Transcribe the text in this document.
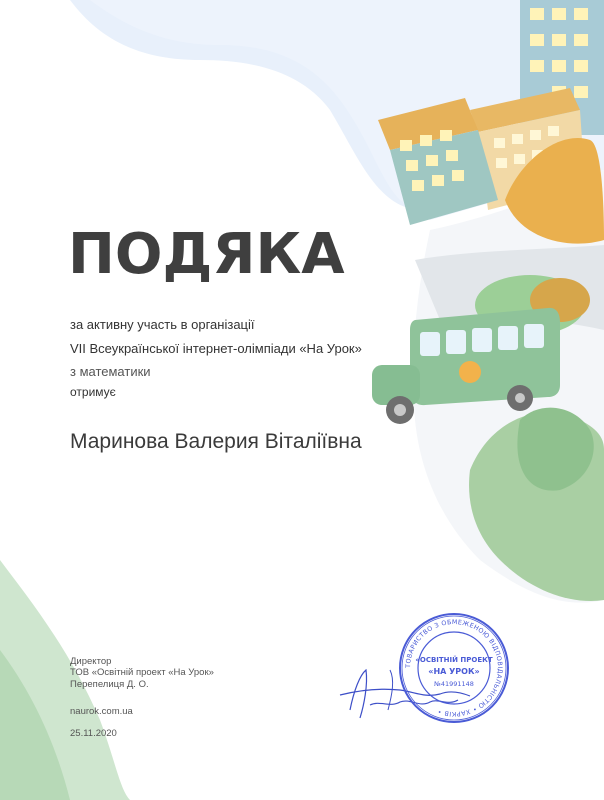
ПОДЯКА
за активну участь в організації
VII Всеукраїнської інтернет-олімпіади «На Урок»
з математики
отримує
Маринова Валерия Віталіївна
Директор
ТОВ «Освітній проект «На Урок»
Перепелиця Д. О.
naurok.com.ua
25.11.2020
ТОВАРИСТВО З ОБМЕЖЕНОЮ ВІДПОВІДАЛЬНІСТЮ • ХАРКІВ •
«ОСВІТНІЙ ПРОЕКТ
«НА УРОК»
№41991148
